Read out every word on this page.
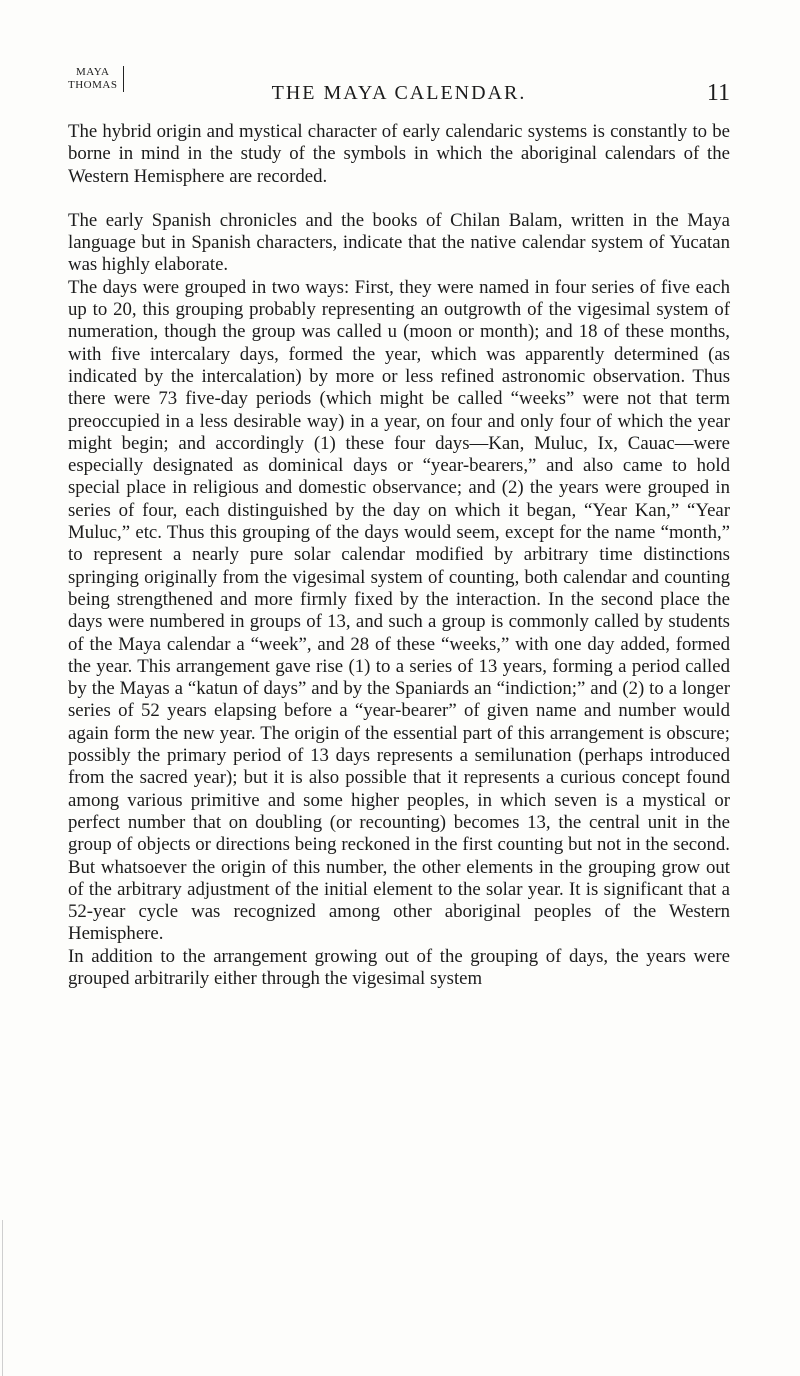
MAYA
THOMAS	THE MAYA CALENDAR.	11

The hybrid origin and mystical character of early calendaric systems is constantly to be borne in mind in the study of the symbols in which the aboriginal calendars of the Western Hemisphere are recorded.

The early Spanish chronicles and the books of Chilan Balam, written in the Maya language but in Spanish characters, indicate that the native calendar system of Yucatan was highly elaborate.

The days were grouped in two ways: First, they were named in four series of five each up to 20, this grouping probably representing an outgrowth of the vigesimal system of numeration, though the group was called u (moon or month); and 18 of these months, with five intercalary days, formed the year, which was apparently determined (as indicated by the intercalation) by more or less refined astronomic observation. Thus there were 73 five-day periods (which might be called “weeks” were not that term preoccupied in a less desirable way) in a year, on four and only four of which the year might begin; and accordingly (1) these four days—Kan, Muluc, Ix, Cauac—were especially designated as dominical days or “year-bearers,” and also came to hold special place in religious and domestic observance; and (2) the years were grouped in series of four, each distinguished by the day on which it began, “Year Kan,” “Year Muluc,” etc. Thus this grouping of the days would seem, except for the name “month,” to represent a nearly pure solar calendar modified by arbitrary time distinctions springing originally from the vigesimal system of counting, both calendar and counting being strengthened and more firmly fixed by the interaction. In the second place the days were numbered in groups of 13, and such a group is commonly called by students of the Maya calendar a “week”, and 28 of these “weeks,” with one day added, formed the year. This arrangement gave rise (1) to a series of 13 years, forming a period called by the Mayas a “katun of days” and by the Spaniards an “indiction;” and (2) to a longer series of 52 years elapsing before a “year-bearer” of given name and number would again form the new year. The origin of the essential part of this arrangement is obscure; possibly the primary period of 13 days represents a semilunation (perhaps introduced from the sacred year); but it is also possible that it represents a curious concept found among various primitive and some higher peoples, in which seven is a mystical or perfect number that on doubling (or recounting) becomes 13, the central unit in the group of objects or directions being reckoned in the first counting but not in the second. But whatsoever the origin of this number, the other elements in the grouping grow out of the arbitrary adjustment of the initial element to the solar year. It is significant that a 52-year cycle was recognized among other aboriginal peoples of the Western Hemisphere.

In addition to the arrangement growing out of the grouping of days, the years were grouped arbitrarily either through the vigesimal system
